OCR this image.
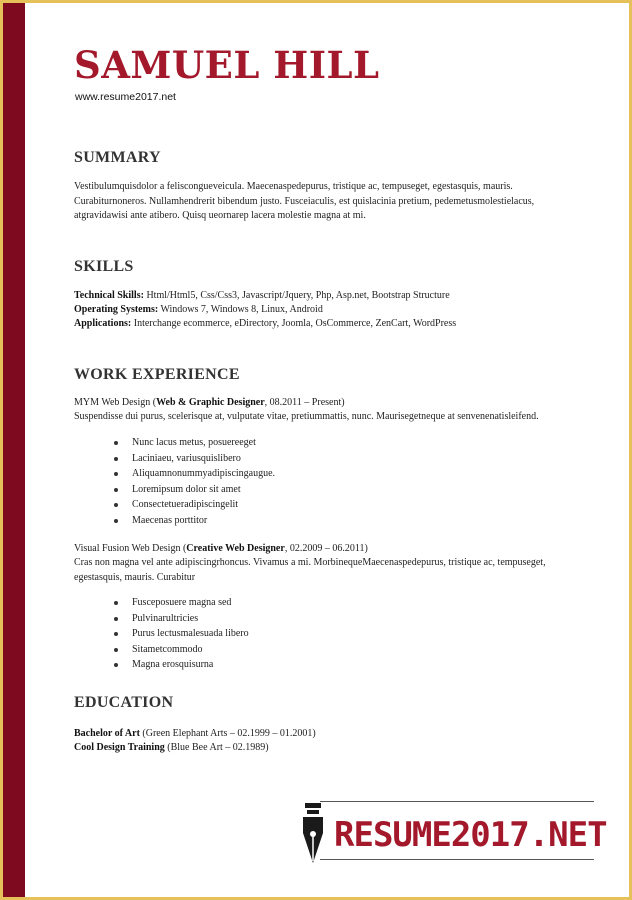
SAMUEL HILL
www.resume2017.net
SUMMARY

Vestibulumquisdolor a feliscongueveiculа. Maecenaspedepurus, tristique ac, tempuseget, egestasquis, mauris. Curabiturnoneros. Nullamhendrerit bibendum justo. Fusceiaculis, est quislacinia pretium, pedemetusmolestielacus, atgravidawisi ante atibero. Quisq ueornarep lacera molestie magna at mi.

SKILLS
Technical Skills: Html/Html5, Css/Css3, Javascript/Jquery, Php, Asp.net, Bootstrap Structure
Operating Systems: Windows 7, Windows 8, Linux, Android
Applications: Interchange ecommerce, eDirectory, Joomla, OsCommerce, ZenCart, WordPress
WORK EXPERIENCE
MYM Web Design (Web & Graphic Designer, 08.2011 – Present)

Suspendisse dui purus, scelerisque at, vulputate vitae, pretiummattis, nunc. Maurisegetneque at senvenenatisleifend.

Nunc lacus metus, posuereeget
Laciniaeu, variusquislibero
Aliquamnonummyadipiscingaugue.
Loremipsum dolor sit amet
Consectetueradipiscingelit
Maecenas porttitor
Visual Fusion Web Design (Creative Web Designer, 02.2009 – 06.2011)

Cras non magna vel ante adipiscingrhoncus. Vivamus a mi. MorbinequeMaecenaspedepurus, tristique ac, tempuseget, egestasquis, mauris. Curabitur

Fusceposuere magna sed
Pulvinarultricies
Purus lectusmalesuada libero
Sitametcommodo
Magna erosquisurna
EDUCATION
Bachelor of Art (Green Elephant Arts – 02.1999 – 01.2001)
Cool Design Training (Blue Bee Art – 02.1989)
RESUME2017.NET
